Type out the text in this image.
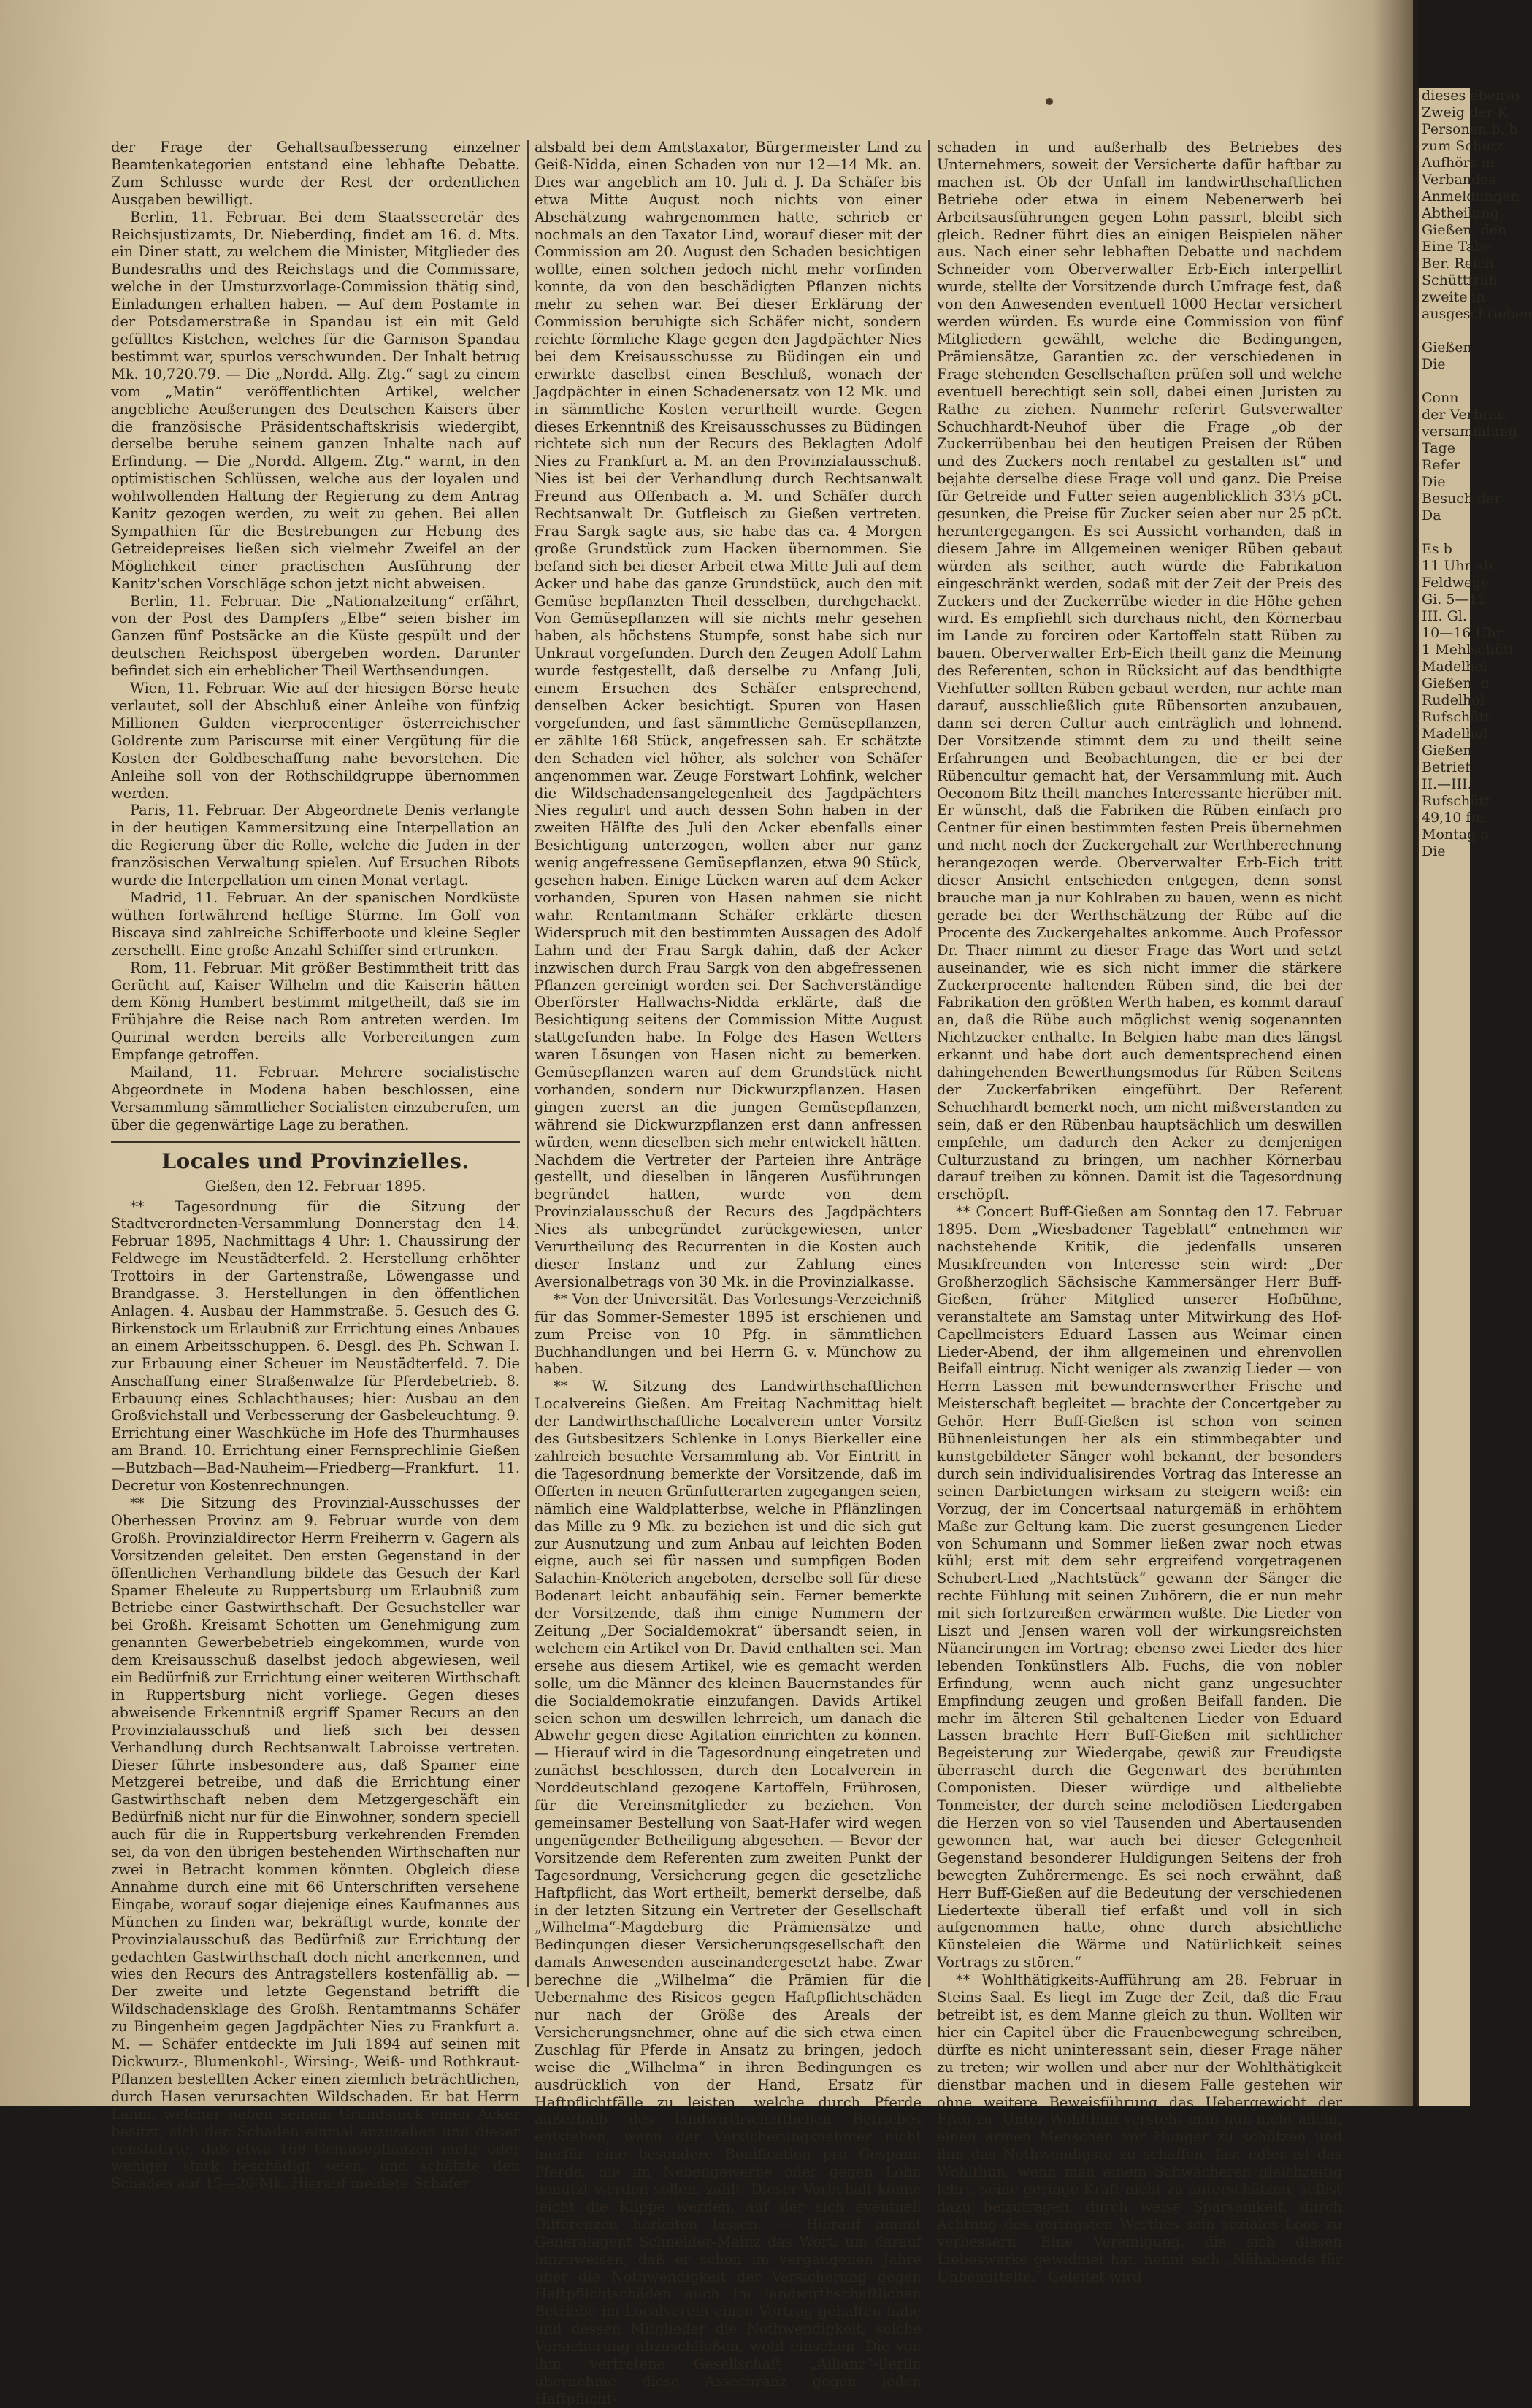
der Frage der Gehaltsaufbesserung einzelner Beamtenkategorien entstand eine lebhafte Debatte. Zum Schlusse wurde der Rest der ordentlichen Ausgaben bewilligt.

Berlin, 11. Februar. Bei dem Staatssecretär des Reichsjustizamts, Dr. Nieberding, findet am 16. d. Mts. ein Diner statt, zu welchem die Minister, Mitglieder des Bundesraths und des Reichstags und die Commissare, welche in der Umsturzvorlage-Commission thätig sind, Einladungen erhalten haben. — Auf dem Postamte in der Potsdamerstraße in Spandau ist ein mit Geld gefülltes Kistchen, welches für die Garnison Spandau bestimmt war, spurlos verschwunden. Der Inhalt betrug Mk. 10,720.79. — Die „Nordd. Allg. Ztg.“ sagt zu einem vom „Matin“ veröffentlichten Artikel, welcher angebliche Aeußerungen des Deutschen Kaisers über die französische Präsidentschaftskrisis wiedergibt, derselbe beruhe seinem ganzen Inhalte nach auf Erfindung. — Die „Nordd. Allgem. Ztg.“ warnt, in den optimistischen Schlüssen, welche aus der loyalen und wohlwollenden Haltung der Regierung zu dem Antrag Kanitz gezogen werden, zu weit zu gehen. Bei allen Sympathien für die Bestrebungen zur Hebung des Getreidepreises ließen sich vielmehr Zweifel an der Möglichkeit einer practischen Ausführung der Kanitz'schen Vorschläge schon jetzt nicht abweisen.

Berlin, 11. Februar. Die „Nationalzeitung“ erfährt, von der Post des Dampfers „Elbe“ seien bisher im Ganzen fünf Postsäcke an die Küste gespült und der deutschen Reichspost übergeben worden. Darunter befindet sich ein erheblicher Theil Werthsendungen.

Wien, 11. Februar. Wie auf der hiesigen Börse heute verlautet, soll der Abschluß einer Anleihe von fünfzig Millionen Gulden vierprocentiger österreichischer Goldrente zum Pariscurse mit einer Vergütung für die Kosten der Goldbeschaffung nahe bevorstehen. Die Anleihe soll von der Rothschildgruppe übernommen werden.

Paris, 11. Februar. Der Abgeordnete Denis verlangte in der heutigen Kammersitzung eine Interpellation an die Regierung über die Rolle, welche die Juden in der französischen Verwaltung spielen. Auf Ersuchen Ribots wurde die Interpellation um einen Monat vertagt.

Madrid, 11. Februar. An der spanischen Nordküste wüthen fortwährend heftige Stürme. Im Golf von Biscaya sind zahlreiche Schifferboote und kleine Segler zerschellt. Eine große Anzahl Schiffer sind ertrunken.

Rom, 11. Februar. Mit größer Bestimmtheit tritt das Gerücht auf, Kaiser Wilhelm und die Kaiserin hätten dem König Humbert bestimmt mitgetheilt, daß sie im Frühjahre die Reise nach Rom antreten werden. Im Quirinal werden bereits alle Vorbereitungen zum Empfange getroffen.

Mailand, 11. Februar. Mehrere socialistische Abgeordnete in Modena haben beschlossen, eine Versammlung sämmtlicher Socialisten einzuberufen, um über die gegenwärtige Lage zu berathen.

Locales und Provinzielles.
Gießen, den 12. Februar 1895.

** Tagesordnung für die Sitzung der Stadtverordneten-Versammlung Donnerstag den 14. Februar 1895, Nachmittags 4 Uhr: 1. Chaussirung der Feldwege im Neustädterfeld. 2. Herstellung erhöhter Trottoirs in der Gartenstraße, Löwengasse und Brandgasse. 3. Herstellungen in den öffentlichen Anlagen. 4. Ausbau der Hammstraße. 5. Gesuch des G. Birkenstock um Erlaubniß zur Errichtung eines Anbaues an einem Arbeitsschuppen. 6. Desgl. des Ph. Schwan I. zur Erbauung einer Scheuer im Neustädterfeld. 7. Die Anschaffung einer Straßenwalze für Pferdebetrieb. 8. Erbauung eines Schlachthauses; hier: Ausbau an den Großviehstall und Verbesserung der Gasbeleuchtung. 9. Errichtung einer Waschküche im Hofe des Thurmhauses am Brand. 10. Errichtung einer Fernsprechlinie Gießen—Butzbach—Bad-Nauheim—Friedberg—Frankfurt. 11. Decretur von Kostenrechnungen.

** Die Sitzung des Provinzial-Ausschusses der Oberhessen Provinz am 9. Februar wurde von dem Großh. Provinzialdirector Herrn Freiherrn v. Gagern als Vorsitzenden geleitet. Den ersten Gegenstand in der öffentlichen Verhandlung bildete das Gesuch der Karl Spamer Eheleute zu Ruppertsburg um Erlaubniß zum Betriebe einer Gastwirthschaft. Der Gesuchsteller war bei Großh. Kreisamt Schotten um Genehmigung zum genannten Gewerbebetrieb eingekommen, wurde von dem Kreisausschuß daselbst jedoch abgewiesen, weil ein Bedürfniß zur Errichtung einer weiteren Wirthschaft in Ruppertsburg nicht vorliege. Gegen dieses abweisende Erkenntniß ergriff Spamer Recurs an den Provinzialausschuß und ließ sich bei dessen Verhandlung durch Rechtsanwalt Labroisse vertreten. Dieser führte insbesondere aus, daß Spamer eine Metzgerei betreibe, und daß die Errichtung einer Gastwirthschaft neben dem Metzgergeschäft ein Bedürfniß nicht nur für die Einwohner, sondern speciell auch für die in Ruppertsburg verkehrenden Fremden sei, da von den übrigen bestehenden Wirthschaften nur zwei in Betracht kommen könnten. Obgleich diese Annahme durch eine mit 66 Unterschriften versehene Eingabe, worauf sogar diejenige eines Kaufmannes aus München zu finden war, bekräftigt wurde, konnte der Provinzialausschuß das Bedürfniß zur Errichtung der gedachten Gastwirthschaft doch nicht anerkennen, und wies den Recurs des Antragstellers kostenfällig ab. — Der zweite und letzte Gegenstand betrifft die Wildschadensklage des Großh. Rentamtmanns Schäfer zu Bingenheim gegen Jagdpächter Nies zu Frankfurt a. M. — Schäfer entdeckte im Juli 1894 auf seinen mit Dickwurz-, Blumenkohl-, Wirsing-, Weiß- und Rothkraut-Pflanzen bestellten Acker einen ziemlich beträchtlichen, durch Hasen verursachten Wildschaden. Er bat Herrn Lahm, welcher neben seinem Grundstück einen Acker besitzt, sich den Schaden einmal anzusehen und dieser constatirte, daß etwa 168 Gemüsepflanzen mehr oder weniger stark beschädigt seien, und schätzte den Schaden auf 15—20 Mk. Hierauf meldete Schäfer

alsbald bei dem Amtstaxator, Bürgermeister Lind zu Geiß-Nidda, einen Schaden von nur 12—14 Mk. an. Dies war angeblich am 10. Juli d. J. Da Schäfer bis etwa Mitte August noch nichts von einer Abschätzung wahrgenommen hatte, schrieb er nochmals an den Taxator Lind, worauf dieser mit der Commission am 20. August den Schaden besichtigen wollte, einen solchen jedoch nicht mehr vorfinden konnte, da von den beschädigten Pflanzen nichts mehr zu sehen war. Bei dieser Erklärung der Commission beruhigte sich Schäfer nicht, sondern reichte förmliche Klage gegen den Jagdpächter Nies bei dem Kreisausschusse zu Büdingen ein und erwirkte daselbst einen Beschluß, wonach der Jagdpächter in einen Schadenersatz von 12 Mk. und in sämmtliche Kosten verurtheilt wurde. Gegen dieses Erkenntniß des Kreisausschusses zu Büdingen richtete sich nun der Recurs des Beklagten Adolf Nies zu Frankfurt a. M. an den Provinzialausschuß. Nies ist bei der Verhandlung durch Rechtsanwalt Freund aus Offenbach a. M. und Schäfer durch Rechtsanwalt Dr. Gutfleisch zu Gießen vertreten. Frau Sargk sagte aus, sie habe das ca. 4 Morgen große Grundstück zum Hacken übernommen. Sie befand sich bei dieser Arbeit etwa Mitte Juli auf dem Acker und habe das ganze Grundstück, auch den mit Gemüse bepflanzten Theil desselben, durchgehackt. Von Gemüsepflanzen will sie nichts mehr gesehen haben, als höchstens Stumpfe, sonst habe sich nur Unkraut vorgefunden. Durch den Zeugen Adolf Lahm wurde festgestellt, daß derselbe zu Anfang Juli, einem Ersuchen des Schäfer entsprechend, denselben Acker besichtigt. Spuren von Hasen vorgefunden, und fast sämmtliche Gemüsepflanzen, er zählte 168 Stück, angefressen sah. Er schätzte den Schaden viel höher, als solcher von Schäfer angenommen war. Zeuge Forstwart Lohfink, welcher die Wildschadensangelegenheit des Jagdpächters Nies regulirt und auch dessen Sohn haben in der zweiten Hälfte des Juli den Acker ebenfalls einer Besichtigung unterzogen, wollen aber nur ganz wenig angefressene Gemüsepflanzen, etwa 90 Stück, gesehen haben. Einige Lücken waren auf dem Acker vorhanden, Spuren von Hasen nahmen sie nicht wahr. Rentamtmann Schäfer erklärte diesen Widerspruch mit den bestimmten Aussagen des Adolf Lahm und der Frau Sargk dahin, daß der Acker inzwischen durch Frau Sargk von den abgefressenen Pflanzen gereinigt worden sei. Der Sachverständige Oberförster Hallwachs-Nidda erklärte, daß die Besichtigung seitens der Commission Mitte August stattgefunden habe. In Folge des Hasen Wetters waren Lösungen von Hasen nicht zu bemerken. Gemüsepflanzen waren auf dem Grundstück nicht vorhanden, sondern nur Dickwurzpflanzen. Hasen gingen zuerst an die jungen Gemüsepflanzen, während sie Dickwurzpflanzen erst dann anfressen würden, wenn dieselben sich mehr entwickelt hätten. Nachdem die Vertreter der Parteien ihre Anträge gestellt, und dieselben in längeren Ausführungen begründet hatten, wurde von dem Provinzialausschuß der Recurs des Jagdpächters Nies als unbegründet zurückgewiesen, unter Verurtheilung des Recurrenten in die Kosten auch dieser Instanz und zur Zahlung eines Aversionalbetrags von 30 Mk. in die Provinzialkasse.

** Von der Universität. Das Vorlesungs-Verzeichniß für das Sommer-Semester 1895 ist erschienen und zum Preise von 10 Pfg. in sämmtlichen Buchhandlungen und bei Herrn G. v. Münchow zu haben.

** W. Sitzung des Landwirthschaftlichen Localvereins Gießen. Am Freitag Nachmittag hielt der Landwirthschaftliche Localverein unter Vorsitz des Gutsbesitzers Schlenke in Lonys Bierkeller eine zahlreich besuchte Versammlung ab. Vor Eintritt in die Tagesordnung bemerkte der Vorsitzende, daß im Offerten in neuen Grünfutterarten zugegangen seien, nämlich eine Waldplatterbse, welche in Pflänzlingen das Mille zu 9 Mk. zu beziehen ist und die sich gut zur Ausnutzung und zum Anbau auf leichten Boden eigne, auch sei für nassen und sumpfigen Boden Salachin-Knöterich angeboten, derselbe soll für diese Bodenart leicht anbaufähig sein. Ferner bemerkte der Vorsitzende, daß ihm einige Nummern der Zeitung „Der Socialdemokrat“ übersandt seien, in welchem ein Artikel von Dr. David enthalten sei. Man ersehe aus diesem Artikel, wie es gemacht werden solle, um die Männer des kleinen Bauernstandes für die Socialdemokratie einzufangen. Davids Artikel seien schon um deswillen lehrreich, um danach die Abwehr gegen diese Agitation einrichten zu können. — Hierauf wird in die Tagesordnung eingetreten und zunächst beschlossen, durch den Localverein in Norddeutschland gezogene Kartoffeln, Frührosen, für die Vereinsmitglieder zu beziehen. Von gemeinsamer Bestellung von Saat-Hafer wird wegen ungenügender Betheiligung abgesehen. — Bevor der Vorsitzende dem Referenten zum zweiten Punkt der Tagesordnung, Versicherung gegen die gesetzliche Haftpflicht, das Wort ertheilt, bemerkt derselbe, daß in der letzten Sitzung ein Vertreter der Gesellschaft „Wilhelma“-Magdeburg die Prämiensätze und Bedingungen dieser Versicherungsgesellschaft den damals Anwesenden auseinandergesetzt habe. Zwar berechne die „Wilhelma“ die Prämien für die Uebernahme des Risicos gegen Haftpflichtschäden nur nach der Größe des Areals der Versicherungsnehmer, ohne auf die sich etwa einen Zuschlag für Pferde in Ansatz zu bringen, jedoch weise die „Wilhelma“ in ihren Bedingungen es ausdrücklich von der Hand, Ersatz für Haftpflichtfälle zu leisten, welche durch Pferde außerhalb des landwirthschaftlichen Betriebes entstehen, wenn der Versicherungsnehmer nicht hierfür eine besondere Bonification pro Gespann Pferde, die im Nebengewerbe oder gegen Lohn benutzt werden sollen, zahlt. Dieser Vorbehalt könne leicht die Klippe werden, auf der sich eventuell Differenzen herleiten lassen. — Hierauf nimmt Generalagent Schneider-Mainz das Wort, um darauf hinzuweisen, daß er schon im vergangenen Jahre über die Nothwendigkeit der Versicherung gegen Haftpflichtschäden auch im landwirthschaftlichen Betriebe im Localverein einen Vortrag gehalten habe und dessen Mitglieder die Nothwendigkeit, solche Versicherung abzuschließen, wohl einsehen. Die von ihm vertretene Gesellschaft „Allianz“-Berlin übernehme diese Assecuranz gegen jeden Haftpflicht-

schaden in und außerhalb des Betriebes des Unternehmers, soweit der Versicherte dafür haftbar zu machen ist. Ob der Unfall im landwirthschaftlichen Betriebe oder etwa in einem Nebenerwerb bei Arbeitsausführungen gegen Lohn passirt, bleibt sich gleich. Redner führt dies an einigen Beispielen näher aus. Nach einer sehr lebhaften Debatte und nachdem Schneider vom Oberverwalter Erb-Eich interpellirt wurde, stellte der Vorsitzende durch Umfrage fest, daß von den Anwesenden eventuell 1000 Hectar versichert werden würden. Es wurde eine Commission von fünf Mitgliedern gewählt, welche die Bedingungen, Prämiensätze, Garantien zc. der verschiedenen in Frage stehenden Gesellschaften prüfen soll und welche eventuell berechtigt sein soll, dabei einen Juristen zu Rathe zu ziehen. Nunmehr referirt Gutsverwalter Schuchhardt-Neuhof über die Frage „ob der Zuckerrübenbau bei den heutigen Preisen der Rüben und des Zuckers noch rentabel zu gestalten ist“ und bejahte derselbe diese Frage voll und ganz. Die Preise für Getreide und Futter seien augenblicklich 33⅓ pCt. gesunken, die Preise für Zucker seien aber nur 25 pCt. heruntergegangen. Es sei Aussicht vorhanden, daß in diesem Jahre im Allgemeinen weniger Rüben gebaut würden als seither, auch würde die Fabrikation eingeschränkt werden, sodaß mit der Zeit der Preis des Zuckers und der Zuckerrübe wieder in die Höhe gehen wird. Es empfiehlt sich durchaus nicht, den Körnerbau im Lande zu forciren oder Kartoffeln statt Rüben zu bauen. Oberverwalter Erb-Eich theilt ganz die Meinung des Referenten, schon in Rücksicht auf das bendthigte Viehfutter sollten Rüben gebaut werden, nur achte man darauf, ausschließlich gute Rübensorten anzubauen, dann sei deren Cultur auch einträglich und lohnend. Der Vorsitzende stimmt dem zu und theilt seine Erfahrungen und Beobachtungen, die er bei der Rübencultur gemacht hat, der Versammlung mit. Auch Oeconom Bitz theilt manches Interessante hierüber mit. Er wünscht, daß die Fabriken die Rüben einfach pro Centner für einen bestimmten festen Preis übernehmen und nicht noch der Zuckergehalt zur Werthberechnung herangezogen werde. Oberverwalter Erb-Eich tritt dieser Ansicht entschieden entgegen, denn sonst brauche man ja nur Kohlraben zu bauen, wenn es nicht gerade bei der Werthschätzung der Rübe auf die Procente des Zuckergehaltes ankomme. Auch Professor Dr. Thaer nimmt zu dieser Frage das Wort und setzt auseinander, wie es sich nicht immer die stärkere Zuckerprocente haltenden Rüben sind, die bei der Fabrikation den größten Werth haben, es kommt darauf an, daß die Rübe auch möglichst wenig sogenannten Nichtzucker enthalte. In Belgien habe man dies längst erkannt und habe dort auch dementsprechend einen dahingehenden Bewerthungsmodus für Rüben Seitens der Zuckerfabriken eingeführt. Der Referent Schuchhardt bemerkt noch, um nicht mißverstanden zu sein, daß er den Rübenbau hauptsächlich um deswillen empfehle, um dadurch den Acker zu demjenigen Culturzustand zu bringen, um nachher Körnerbau darauf treiben zu können. Damit ist die Tagesordnung erschöpft.

** Concert Buff-Gießen am Sonntag den 17. Februar 1895. Dem „Wiesbadener Tageblatt“ entnehmen wir nachstehende Kritik, die jedenfalls unseren Musikfreunden von Interesse sein wird: „Der Großherzoglich Sächsische Kammersänger Herr Buff-Gießen, früher Mitglied unserer Hofbühne, veranstaltete am Samstag unter Mitwirkung des Hof-Capellmeisters Eduard Lassen aus Weimar einen Lieder-Abend, der ihm allgemeinen und ehrenvollen Beifall eintrug. Nicht weniger als zwanzig Lieder — von Herrn Lassen mit bewundernswerther Frische und Meisterschaft begleitet — brachte der Concertgeber zu Gehör. Herr Buff-Gießen ist schon von seinen Bühnenleistungen her als ein stimmbegabter und kunstgebildeter Sänger wohl bekannt, der besonders durch sein individualisirendes Vortrag das Interesse an seinen Darbietungen wirksam zu steigern weiß: ein Vorzug, der im Concertsaal naturgemäß in erhöhtem Maße zur Geltung kam. Die zuerst gesungenen Lieder von Schumann und Sommer ließen zwar noch etwas kühl; erst mit dem sehr ergreifend vorgetragenen Schubert-Lied „Nachtstück“ gewann der Sänger die rechte Fühlung mit seinen Zuhörern, die er nun mehr mit sich fortzureißen erwärmen wußte. Die Lieder von Liszt und Jensen waren voll der wirkungsreichsten Nüancirungen im Vortrag; ebenso zwei Lieder des hier lebenden Tonkünstlers Alb. Fuchs, die von nobler Erfindung, wenn auch nicht ganz ungesuchter Empfindung zeugen und großen Beifall fanden. Die mehr im älteren Stil gehaltenen Lieder von Eduard Lassen brachte Herr Buff-Gießen mit sichtlicher Begeisterung zur Wiedergabe, gewiß zur Freudigste überrascht durch die Gegenwart des berühmten Componisten. Dieser würdige und altbeliebte Tonmeister, der durch seine melodiösen Liedergaben die Herzen von so viel Tausenden und Abertausenden gewonnen hat, war auch bei dieser Gelegenheit Gegenstand besonderer Huldigungen Seitens der froh bewegten Zuhörermenge. Es sei noch erwähnt, daß Herr Buff-Gießen auf die Bedeutung der verschiedenen Liedertexte überall tief erfaßt und voll in sich aufgenommen hatte, ohne durch absichtliche Künsteleien die Wärme und Natürlichkeit seines Vortrags zu stören.“

** Wohlthätigkeits-Aufführung am 28. Februar in Steins Saal. Es liegt im Zuge der Zeit, daß die Frau betreibt ist, es dem Manne gleich zu thun. Wollten wir hier ein Capitel über die Frauenbewegung schreiben, dürfte es nicht uninteressant sein, dieser Frage näher zu treten; wir wollen und aber nur der Wohlthätigkeit dienstbar machen und in diesem Falle gestehen wir ohne weitere Beweisführung das Uebergewicht der Frau zu. Unter Wohlthun versteht man nun nicht allein, einen armen Menschen vor Hunger zu schützen und ihm das Nothwendigste zu schaffen, fast edler ist das Wohlthun, wenn man einem Schwächeren gleichzeitig lehrt, seine geringe Kraft nicht zu unterschätzen, selbst dazu beizutragen, durch weise Sparsamkeit, durch Achtung des geringsten Werthes sein soziales Loos zu verbessern. Eine Vereinigung, die sich diesen Liebeswerke gewidmet hat, nennt sich „Nähabende für Unbemittelte.“ Geleitet wird

dieses ebenso
Zweig der K
Personen b. b
zum Schutz
Aufhörs in
Verbandes
Anmeldungen
Abtheilung
Gießen, den
Eine Tabe
Ber. Reich
Schüttfrüh
zweite in
ausgeschrieben

Gießen,
Die

Conn
der Verbrau
versammlung
Tage
Refer
Die
Besuch der
Da

Es b
11 Uhr ab
Feldwege
Gi. 5—11
III. Gl.
10—16 Uhr
1 Mehlschütt
Madelhol
Gießen, d
Rudelhol
Rufschütt
Madelhol
Gießen,
Betrief
II.—III.
Rufschütt
49,10 fm.
Montag d
Die
